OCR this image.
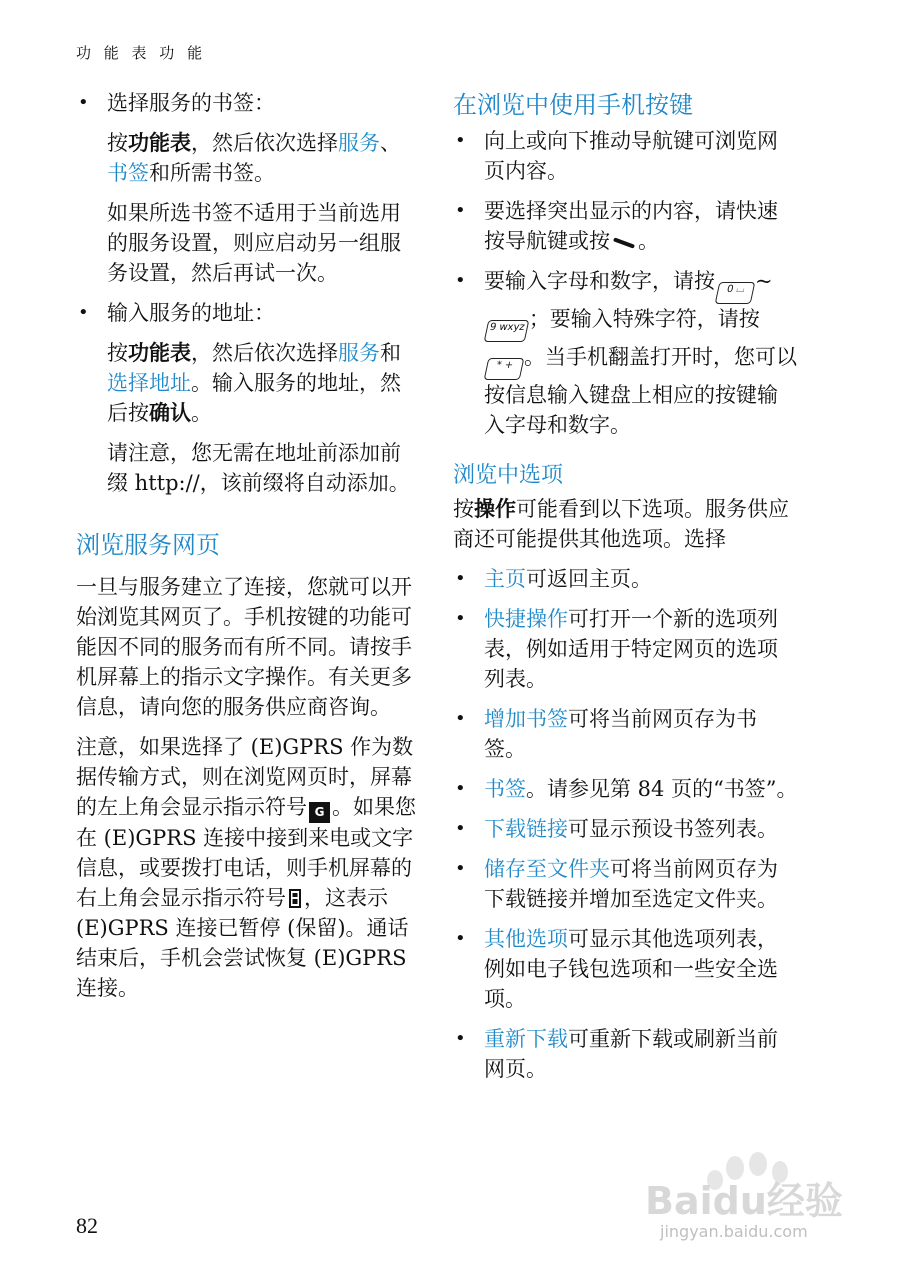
功 能 表 功 能
• 选择服务的书签：

按功能表，然后依次选择服务、书签和所需书签。

如果所选书签不适用于当前选用的服务设置，则应启动另一组服务设置，然后再试一次。

• 输入服务的地址：

按功能表，然后依次选择服务和选择地址。输入服务的地址，然后按确认。

请注意，您无需在地址前添加前缀 http://，该前缀将自动添加。

浏览服务网页

一旦与服务建立了连接，您就可以开始浏览其网页了。手机按键的功能可能因不同的服务而有所不同。请按手机屏幕上的指示文字操作。有关更多信息，请向您的服务供应商咨询。

注意，如果选择了 (E)GPRS 作为数据传输方式，则在浏览网页时，屏幕的左上角会显示指示符号 G 。如果您在 (E)GPRS 连接中接到来电或文字信息，或要拨打电话，则手机屏幕的右上角会显示指示符号 ，这表示 (E)GPRS 连接已暂停 (保留)。通话结束后，手机会尝试恢复 (E)GPRS 连接。

在浏览中使用手机按键
• 向上或向下推动导航键可浏览网页内容。
• 要选择突出显示的内容，请快速按导航键或按 。
• 要输入字母和数字，请按 0 ⌴ ~9 wxyz ；要输入特殊字符，请按* + 。当手机翻盖打开时，您可以按信息输入键盘上相应的按键输入字母和数字。
浏览中选项

按操作可能看到以下选项。服务供应商还可能提供其他选项。选择

• 主页可返回主页。
• 快捷操作可打开一个新的选项列表，例如适用于特定网页的选项列表。
• 增加书签可将当前网页存为书签。
• 书签。请参见第 84 页的“书签”。
• 下载链接可显示预设书签列表。
• 储存至文件夹可将当前网页存为下载链接并增加至选定文件夹。
• 其他选项可显示其他选项列表，例如电子钱包选项和一些安全选项。
• 重新下载可重新下载或刷新当前网页。
82
Baidu经验
jingyan.baidu.com
